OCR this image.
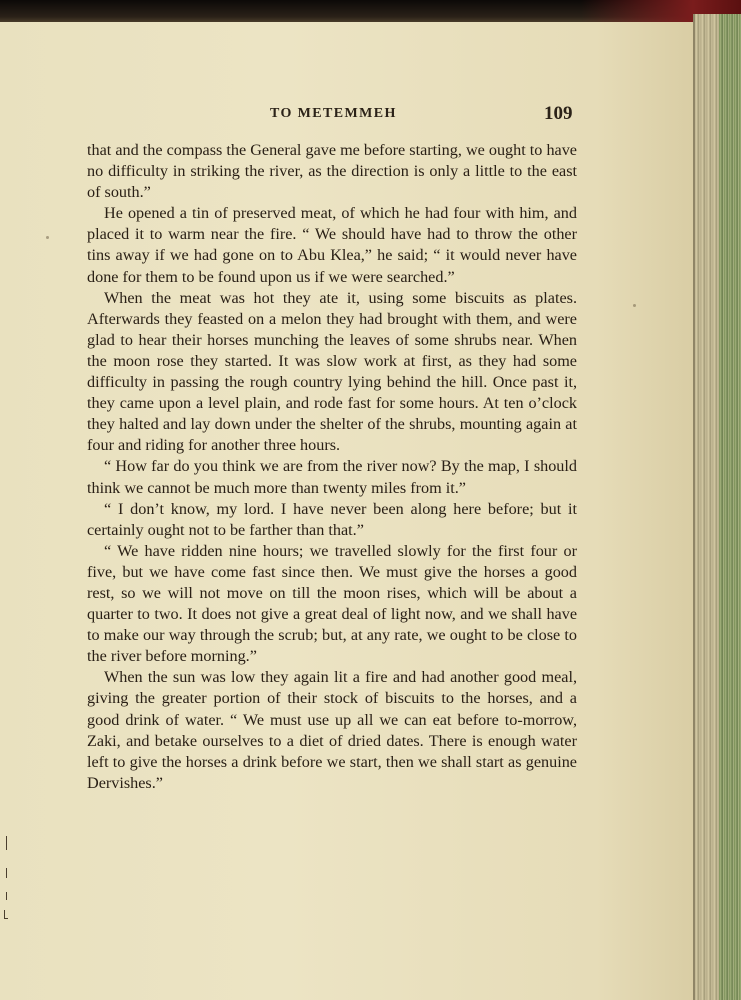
TO METEMMEH	109

that and the compass the General gave me before starting, we ought to have no difficulty in striking the river, as the direction is only a little to the east of south.”

He opened a tin of preserved meat, of which he had four with him, and placed it to warm near the fire. “ We should have had to throw the other tins away if we had gone on to Abu Klea,” he said; “ it would never have done for them to be found upon us if we were searched.”

When the meat was hot they ate it, using some biscuits as plates. Afterwards they feasted on a melon they had brought with them, and were glad to hear their horses munching the leaves of some shrubs near. When the moon rose they started. It was slow work at first, as they had some difficulty in passing the rough country lying behind the hill. Once past it, they came upon a level plain, and rode fast for some hours. At ten o’clock they halted and lay down under the shelter of the shrubs, mounting again at four and riding for another three hours.

“ How far do you think we are from the river now? By the map, I should think we cannot be much more than twenty miles from it.”

“ I don’t know, my lord. I have never been along here before; but it certainly ought not to be farther than that.”

“ We have ridden nine hours; we travelled slowly for the first four or five, but we have come fast since then. We must give the horses a good rest, so we will not move on till the moon rises, which will be about a quarter to two. It does not give a great deal of light now, and we shall have to make our way through the scrub; but, at any rate, we ought to be close to the river before morning.”

When the sun was low they again lit a fire and had another good meal, giving the greater portion of their stock of biscuits to the horses, and a good drink of water. “ We must use up all we can eat before to-morrow, Zaki, and betake ourselves to a diet of dried dates. There is enough water left to give the horses a drink before we start, then we shall start as genuine Dervishes.”
